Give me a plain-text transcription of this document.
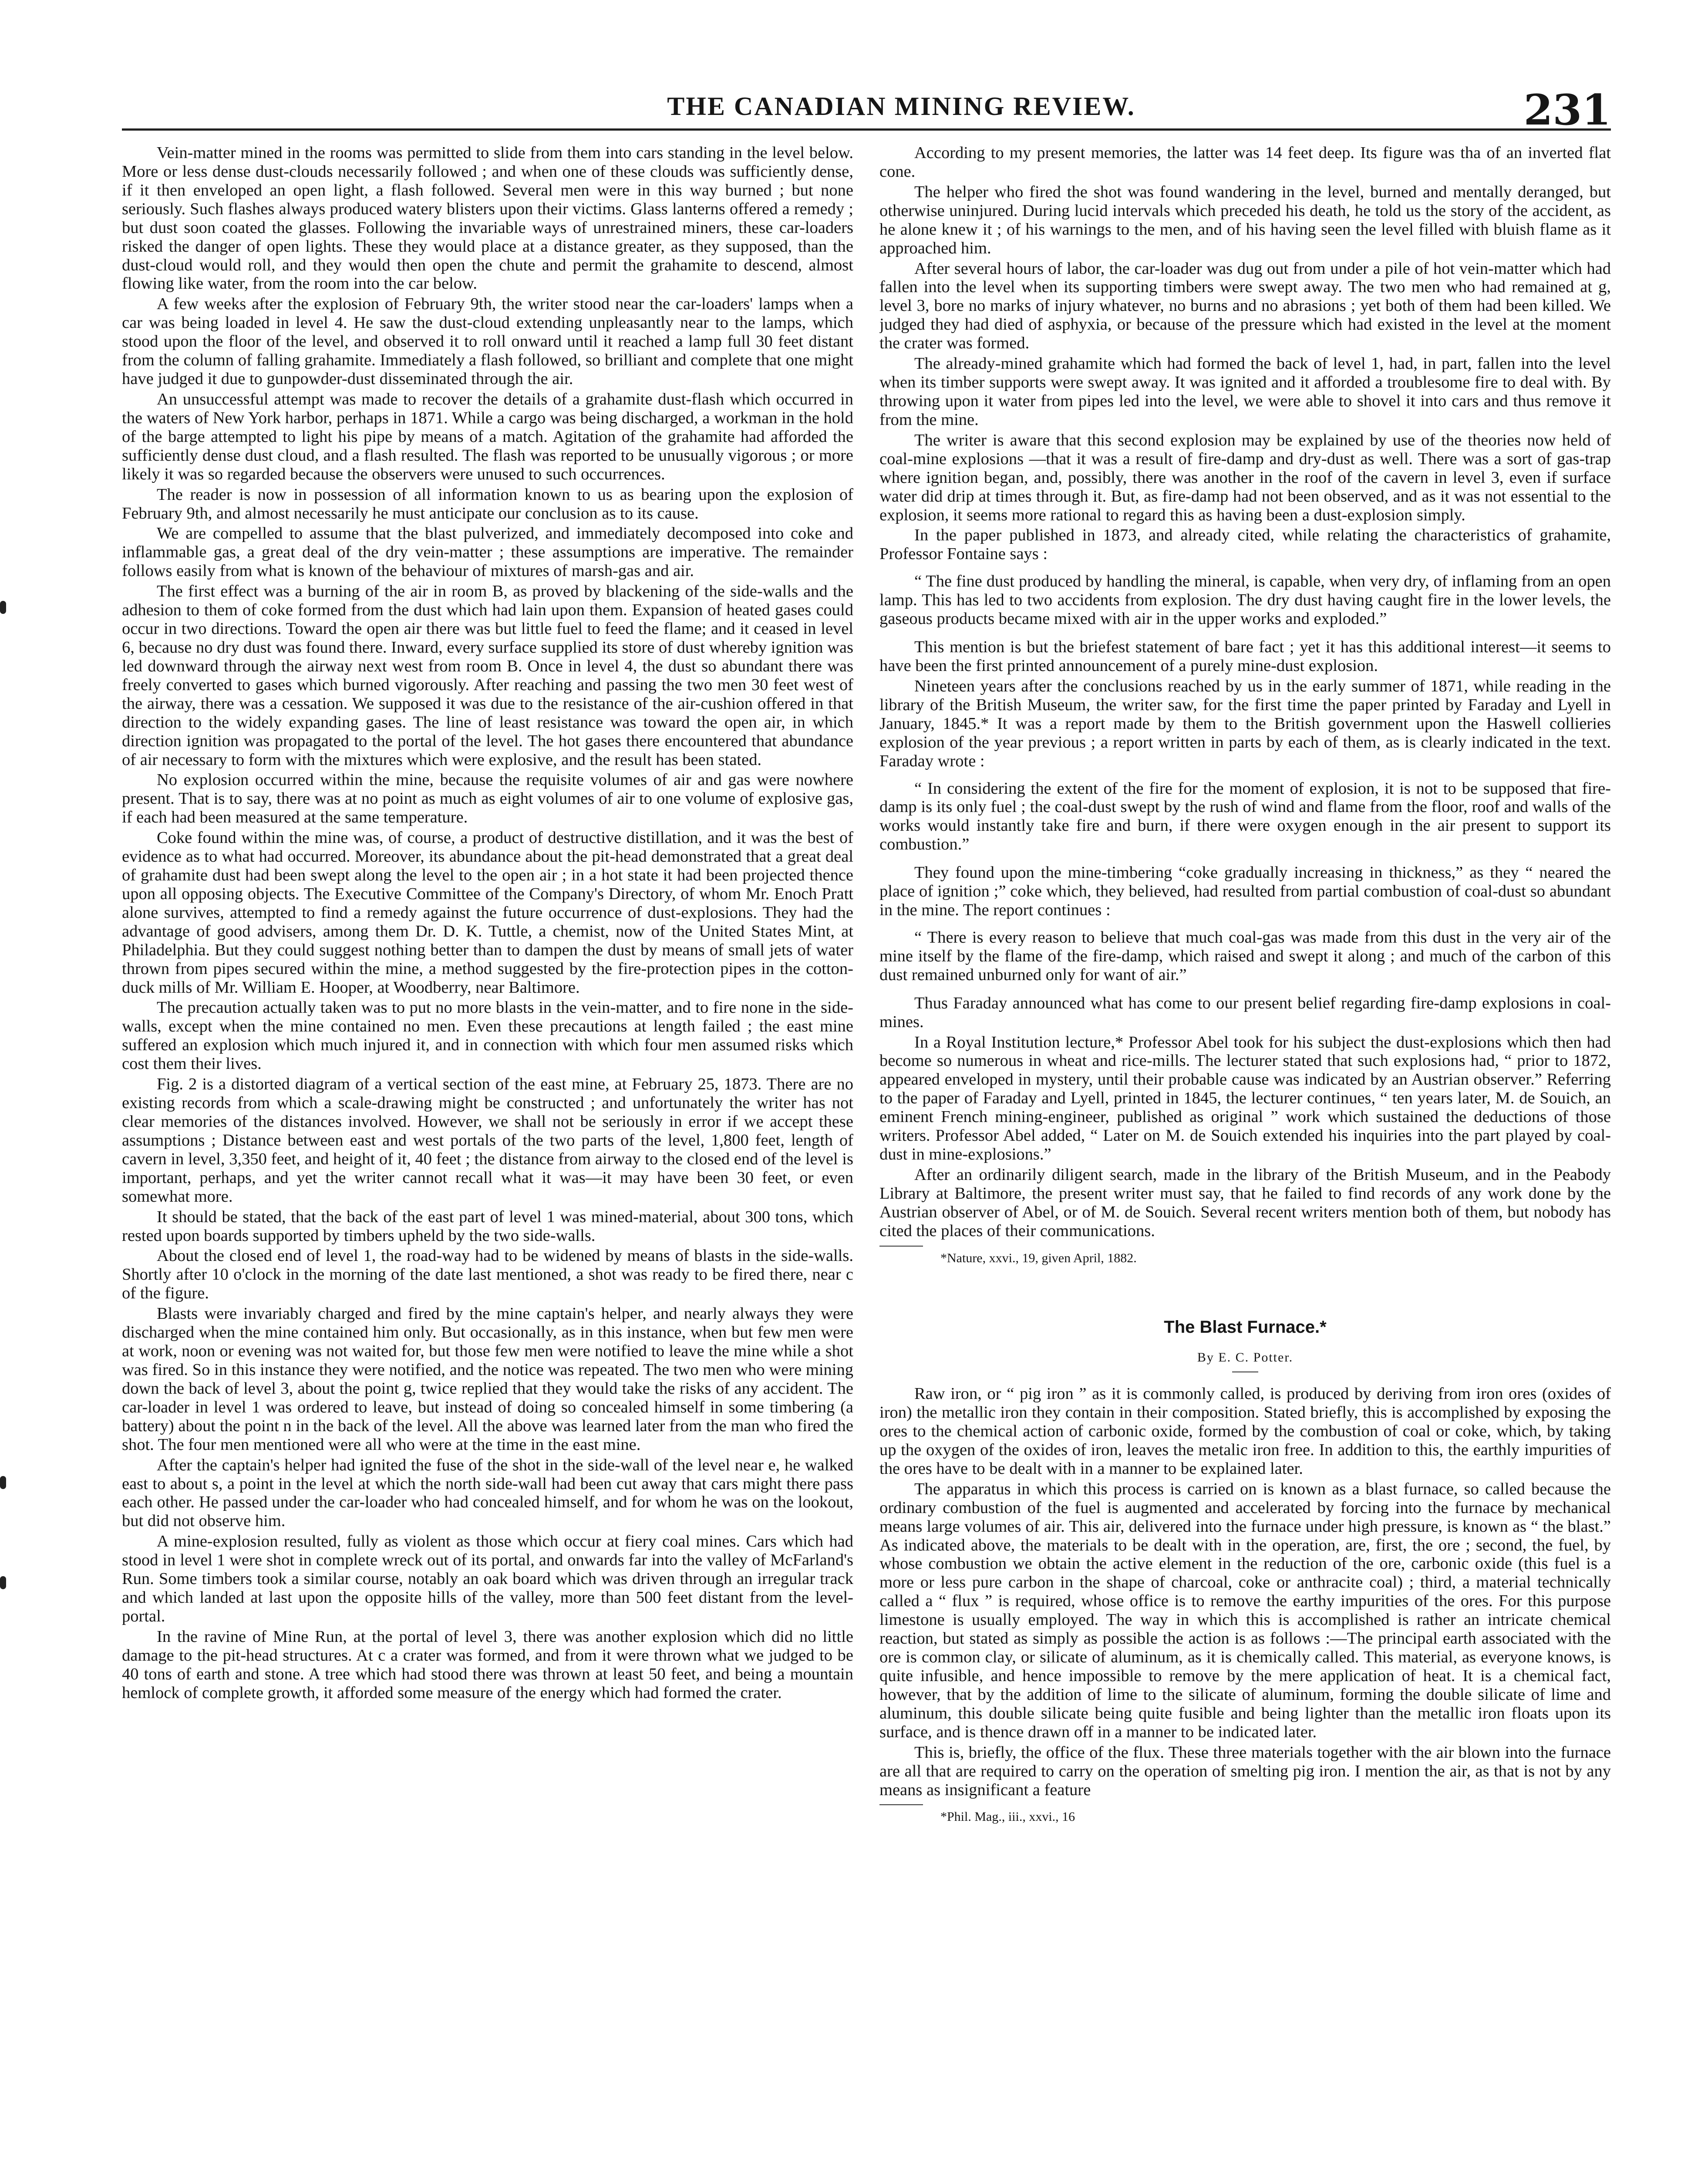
THE CANADIAN MINING REVIEW.	231

Vein-matter mined in the rooms was permitted to slide from them into cars standing in the level below. More or less dense dust-clouds necessarily followed ; and when one of these clouds was sufficiently dense, if it then enveloped an open light, a flash followed. Several men were in this way burned ; but none seriously. Such flashes always produced watery blisters upon their victims. Glass lanterns offered a remedy ; but dust soon coated the glasses. Following the invariable ways of unrestrained miners, these car-loaders risked the danger of open lights. These they would place at a distance greater, as they supposed, than the dust-cloud would roll, and they would then open the chute and permit the grahamite to descend, almost flowing like water, from the room into the car below.

A few weeks after the explosion of February 9th, the writer stood near the car-loaders' lamps when a car was being loaded in level 4. He saw the dust-cloud extending unpleasantly near to the lamps, which stood upon the floor of the level, and observed it to roll onward until it reached a lamp full 30 feet distant from the column of falling grahamite. Immediately a flash followed, so brilliant and complete that one might have judged it due to gunpowder-dust disseminated through the air.

An unsuccessful attempt was made to recover the details of a grahamite dust-flash which occurred in the waters of New York harbor, perhaps in 1871. While a cargo was being discharged, a workman in the hold of the barge attempted to light his pipe by means of a match. Agitation of the grahamite had afforded the sufficiently dense dust cloud, and a flash resulted. The flash was reported to be unusually vigorous ; or more likely it was so regarded because the observers were unused to such occurrences.

The reader is now in possession of all information known to us as bearing upon the explosion of February 9th, and almost necessarily he must anticipate our conclusion as to its cause.

We are compelled to assume that the blast pulverized, and immediately decomposed into coke and inflammable gas, a great deal of the dry vein-matter ; these assumptions are imperative. The remainder follows easily from what is known of the behaviour of mixtures of marsh-gas and air.

The first effect was a burning of the air in room B, as proved by blackening of the side-walls and the adhesion to them of coke formed from the dust which had lain upon them. Expansion of heated gases could occur in two directions. Toward the open air there was but little fuel to feed the flame; and it ceased in level 6, because no dry dust was found there. Inward, every surface supplied its store of dust whereby ignition was led downward through the airway next west from room B. Once in level 4, the dust so abundant there was freely converted to gases which burned vigorously. After reaching and passing the two men 30 feet west of the airway, there was a cessation. We supposed it was due to the resistance of the air-cushion offered in that direction to the widely expanding gases. The line of least resistance was toward the open air, in which direction ignition was propagated to the portal of the level. The hot gases there encountered that abundance of air necessary to form with the mixtures which were explosive, and the result has been stated.

No explosion occurred within the mine, because the requisite volumes of air and gas were nowhere present. That is to say, there was at no point as much as eight volumes of air to one volume of explosive gas, if each had been measured at the same temperature.

Coke found within the mine was, of course, a product of destructive distillation, and it was the best of evidence as to what had occurred. Moreover, its abundance about the pit-head demonstrated that a great deal of grahamite dust had been swept along the level to the open air ; in a hot state it had been projected thence upon all opposing objects. The Executive Committee of the Company's Directory, of whom Mr. Enoch Pratt alone survives, attempted to find a remedy against the future occurrence of dust-explosions. They had the advantage of good advisers, among them Dr. D. K. Tuttle, a chemist, now of the United States Mint, at Philadelphia. But they could suggest nothing better than to dampen the dust by means of small jets of water thrown from pipes secured within the mine, a method suggested by the fire-protection pipes in the cotton-duck mills of Mr. William E. Hooper, at Woodberry, near Baltimore.

The precaution actually taken was to put no more blasts in the vein-matter, and to fire none in the side-walls, except when the mine contained no men. Even these precautions at length failed ; the east mine suffered an explosion which much injured it, and in connection with which four men assumed risks which cost them their lives.

Fig. 2 is a distorted diagram of a vertical section of the east mine, at February 25, 1873. There are no existing records from which a scale-drawing might be constructed ; and unfortunately the writer has not clear memories of the distances involved. However, we shall not be seriously in error if we accept these assumptions ; Distance between east and west portals of the two parts of the level, 1,800 feet, length of cavern in level, 3,350 feet, and height of it, 40 feet ; the distance from airway to the closed end of the level is important, perhaps, and yet the writer cannot recall what it was—it may have been 30 feet, or even somewhat more.

It should be stated, that the back of the east part of level 1 was mined-material, about 300 tons, which rested upon boards supported by timbers upheld by the two side-walls.

About the closed end of level 1, the road-way had to be widened by means of blasts in the side-walls. Shortly after 10 o'clock in the morning of the date last mentioned, a shot was ready to be fired there, near c of the figure.

Blasts were invariably charged and fired by the mine captain's helper, and nearly always they were discharged when the mine contained him only. But occasionally, as in this instance, when but few men were at work, noon or evening was not waited for, but those few men were notified to leave the mine while a shot was fired. So in this instance they were notified, and the notice was repeated. The two men who were mining down the back of level 3, about the point g, twice replied that they would take the risks of any accident. The car-loader in level 1 was ordered to leave, but instead of doing so concealed himself in some timbering (a battery) about the point n in the back of the level. All the above was learned later from the man who fired the shot. The four men mentioned were all who were at the time in the east mine.

After the captain's helper had ignited the fuse of the shot in the side-wall of the level near e, he walked east to about s, a point in the level at which the north side-wall had been cut away that cars might there pass each other. He passed under the car-loader who had concealed himself, and for whom he was on the lookout, but did not observe him.

A mine-explosion resulted, fully as violent as those which occur at fiery coal mines. Cars which had stood in level 1 were shot in complete wreck out of its portal, and onwards far into the valley of McFarland's Run. Some timbers took a similar course, notably an oak board which was driven through an irregular track and which landed at last upon the opposite hills of the valley, more than 500 feet distant from the level-portal.

In the ravine of Mine Run, at the portal of level 3, there was another explosion which did no little damage to the pit-head structures. At c a crater was formed, and from it were thrown what we judged to be 40 tons of earth and stone. A tree which had stood there was thrown at least 50 feet, and being a mountain hemlock of complete growth, it afforded some measure of the energy which had formed the crater.

According to my present memories, the latter was 14 feet deep. Its figure was tha of an inverted flat cone.

The helper who fired the shot was found wandering in the level, burned and mentally deranged, but otherwise uninjured. During lucid intervals which preceded his death, he told us the story of the accident, as he alone knew it ; of his warnings to the men, and of his having seen the level filled with bluish flame as it approached him.

After several hours of labor, the car-loader was dug out from under a pile of hot vein-matter which had fallen into the level when its supporting timbers were swept away. The two men who had remained at g, level 3, bore no marks of injury whatever, no burns and no abrasions ; yet both of them had been killed. We judged they had died of asphyxia, or because of the pressure which had existed in the level at the moment the crater was formed.

The already-mined grahamite which had formed the back of level 1, had, in part, fallen into the level when its timber supports were swept away. It was ignited and it afforded a troublesome fire to deal with. By throwing upon it water from pipes led into the level, we were able to shovel it into cars and thus remove it from the mine.

The writer is aware that this second explosion may be explained by use of the theories now held of coal-mine explosions —that it was a result of fire-damp and dry-dust as well. There was a sort of gas-trap where ignition began, and, possibly, there was another in the roof of the cavern in level 3, even if surface water did drip at times through it. But, as fire-damp had not been observed, and as it was not essential to the explosion, it seems more rational to regard this as having been a dust-explosion simply.

In the paper published in 1873, and already cited, while relating the characteristics of grahamite, Professor Fontaine says :

“ The fine dust produced by handling the mineral, is capable, when very dry, of inflaming from an open lamp. This has led to two accidents from explosion. The dry dust having caught fire in the lower levels, the gaseous products became mixed with air in the upper works and exploded.”

This mention is but the briefest statement of bare fact ; yet it has this additional interest—it seems to have been the first printed announcement of a purely mine-dust explosion.

Nineteen years after the conclusions reached by us in the early summer of 1871, while reading in the library of the British Museum, the writer saw, for the first time the paper printed by Faraday and Lyell in January, 1845.* It was a report made by them to the British government upon the Haswell collieries explosion of the year previous ; a report written in parts by each of them, as is clearly indicated in the text. Faraday wrote :

“ In considering the extent of the fire for the moment of explosion, it is not to be supposed that fire-damp is its only fuel ; the coal-dust swept by the rush of wind and flame from the floor, roof and walls of the works would instantly take fire and burn, if there were oxygen enough in the air present to support its combustion.”

They found upon the mine-timbering “coke gradually increasing in thickness,” as they “ neared the place of ignition ;” coke which, they believed, had resulted from partial combustion of coal-dust so abundant in the mine. The report continues :

“ There is every reason to believe that much coal-gas was made from this dust in the very air of the mine itself by the flame of the fire-damp, which raised and swept it along ; and much of the carbon of this dust remained unburned only for want of air.”

Thus Faraday announced what has come to our present belief regarding fire-damp explosions in coal-mines.

In a Royal Institution lecture,* Professor Abel took for his subject the dust-explosions which then had become so numerous in wheat and rice-mills. The lecturer stated that such explosions had, “ prior to 1872, appeared enveloped in mystery, until their probable cause was indicated by an Austrian observer.” Referring to the paper of Faraday and Lyell, printed in 1845, the lecturer continues, “ ten years later, M. de Souich, an eminent French mining-engineer, published as original ” work which sustained the deductions of those writers. Professor Abel added, “ Later on M. de Souich extended his inquiries into the part played by coal-dust in mine-explosions.”

After an ordinarily diligent search, made in the library of the British Museum, and in the Peabody Library at Baltimore, the present writer must say, that he failed to find records of any work done by the Austrian observer of Abel, or of M. de Souich. Several recent writers mention both of them, but nobody has cited the places of their communications.

*Nature, xxvi., 19, given April, 1882.

The Blast Furnace.*
By E. C. Potter.

Raw iron, or “ pig iron ” as it is commonly called, is produced by deriving from iron ores (oxides of iron) the metallic iron they contain in their composition. Stated briefly, this is accomplished by exposing the ores to the chemical action of carbonic oxide, formed by the combustion of coal or coke, which, by taking up the oxygen of the oxides of iron, leaves the metalic iron free. In addition to this, the earthly impurities of the ores have to be dealt with in a manner to be explained later.

The apparatus in which this process is carried on is known as a blast furnace, so called because the ordinary combustion of the fuel is augmented and accelerated by forcing into the furnace by mechanical means large volumes of air. This air, delivered into the furnace under high pressure, is known as “ the blast.” As indicated above, the materials to be dealt with in the operation, are, first, the ore ; second, the fuel, by whose combustion we obtain the active element in the reduction of the ore, carbonic oxide (this fuel is a more or less pure carbon in the shape of charcoal, coke or anthracite coal) ; third, a material technically called a “ flux ” is required, whose office is to remove the earthy impurities of the ores. For this purpose limestone is usually employed. The way in which this is accomplished is rather an intricate chemical reaction, but stated as simply as possible the action is as follows :—The principal earth associated with the ore is common clay, or silicate of aluminum, as it is chemically called. This material, as everyone knows, is quite infusible, and hence impossible to remove by the mere application of heat. It is a chemical fact, however, that by the addition of lime to the silicate of aluminum, forming the double silicate of lime and aluminum, this double silicate being quite fusible and being lighter than the metallic iron floats upon its surface, and is thence drawn off in a manner to be indicated later.

This is, briefly, the office of the flux. These three materials together with the air blown into the furnace are all that are required to carry on the operation of smelting pig iron. I mention the air, as that is not by any means as insignificant a feature

*Phil. Mag., iii., xxvi., 16
